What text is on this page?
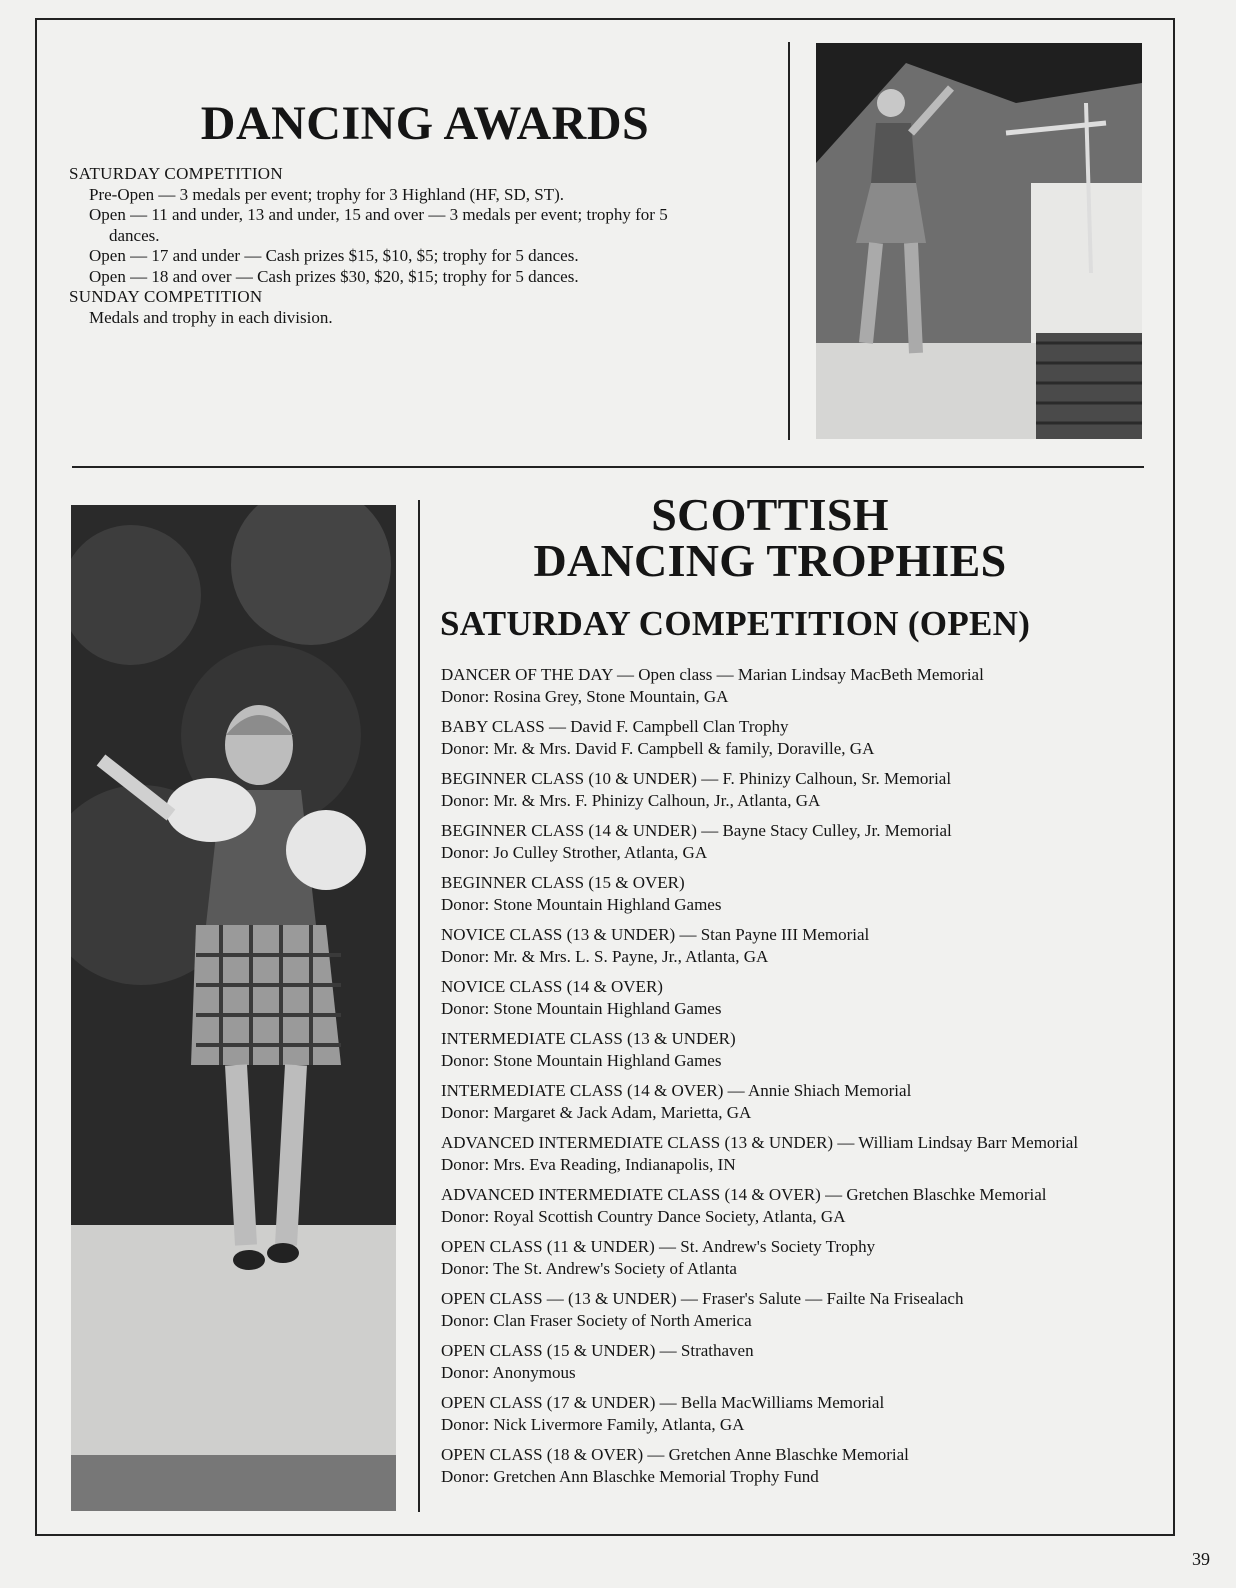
DANCING AWARDS
SATURDAY COMPETITION
Pre-Open — 3 medals per event; trophy for 3 Highland (HF, SD, ST).
Open — 11 and under, 13 and under, 15 and over — 3 medals per event; trophy for 5
dances.
Open — 17 and under — Cash prizes $15, $10, $5; trophy for 5 dances.
Open — 18 and over — Cash prizes $30, $20, $15; trophy for 5 dances.
SUNDAY COMPETITION
Medals and trophy in each division.
SCOTTISH
DANCING TROPHIES
SATURDAY COMPETITION (OPEN)
DANCER OF THE DAY — Open class — Marian Lindsay MacBeth Memorial
Donor: Rosina Grey, Stone Mountain, GA
BABY CLASS — David F. Campbell Clan Trophy
Donor: Mr. & Mrs. David F. Campbell & family, Doraville, GA
BEGINNER CLASS (10 & UNDER) — F. Phinizy Calhoun, Sr. Memorial
Donor: Mr. & Mrs. F. Phinizy Calhoun, Jr., Atlanta, GA
BEGINNER CLASS (14 & UNDER) — Bayne Stacy Culley, Jr. Memorial
Donor: Jo Culley Strother, Atlanta, GA
BEGINNER CLASS (15 & OVER)
Donor: Stone Mountain Highland Games
NOVICE CLASS (13 & UNDER) — Stan Payne III Memorial
Donor: Mr. & Mrs. L. S. Payne, Jr., Atlanta, GA
NOVICE CLASS (14 & OVER)
Donor: Stone Mountain Highland Games
INTERMEDIATE CLASS (13 & UNDER)
Donor: Stone Mountain Highland Games
INTERMEDIATE CLASS (14 & OVER) — Annie Shiach Memorial
Donor: Margaret & Jack Adam, Marietta, GA
ADVANCED INTERMEDIATE CLASS (13 & UNDER) — William Lindsay Barr Memorial
Donor: Mrs. Eva Reading, Indianapolis, IN
ADVANCED INTERMEDIATE CLASS (14 & OVER) — Gretchen Blaschke Memorial
Donor: Royal Scottish Country Dance Society, Atlanta, GA
OPEN CLASS (11 & UNDER) — St. Andrew's Society Trophy
Donor: The St. Andrew's Society of Atlanta
OPEN CLASS — (13 & UNDER) — Fraser's Salute — Failte Na Frisealach
Donor: Clan Fraser Society of North America
OPEN CLASS (15 & UNDER) — Strathaven
Donor: Anonymous
OPEN CLASS (17 & UNDER) — Bella MacWilliams Memorial
Donor: Nick Livermore Family, Atlanta, GA
OPEN CLASS (18 & OVER) — Gretchen Anne Blaschke Memorial
Donor: Gretchen Ann Blaschke Memorial Trophy Fund
39
